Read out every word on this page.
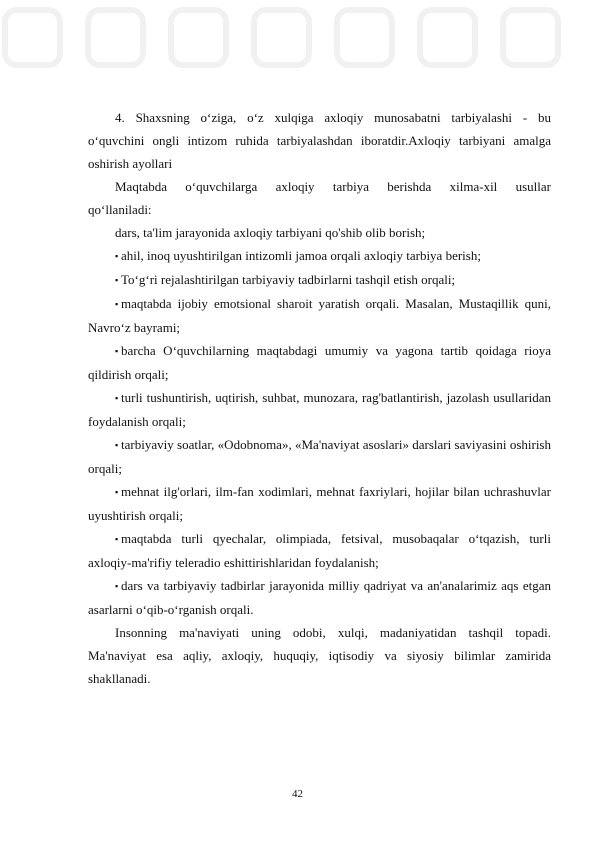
4. Shaxsning o‘ziga, o‘z xulqiga axloqiy munosabatni tarbiyalashi - bu

o‘quvchini ongli intizom ruhida tarbiyalashdan iboratdir.Axloqiy tarbiyani amalga oshirish ayollari

Maqtabda o‘quvchilarga axloqiy tarbiya berishda xilma-xil usullar

qo‘llaniladi:

dars, ta'lim jarayonida axloqiy tarbiyani qo'shib olib borish;

▪ ahil, inoq uyushtirilgan intizomli jamoa orqali axloqiy tarbiya berish;

▪ To‘g‘ri rejalashtirilgan tarbiyaviy tadbirlarni tashqil etish orqali;

▪ maqtabda ijobiy emotsional sharoit yaratish orqali. Masalan, Mustaqillik quni, Navro‘z bayrami;

▪ barcha O‘quvchilarning maqtabdagi umumiy va yagona tartib qoidaga rioya qildirish orqali;

▪ turli tushuntirish, uqtirish, suhbat, munozara, rag'batlantirish, jazolash usullaridan foydalanish orqali;

▪ tarbiyaviy soatlar, «Odobnoma», «Ma'naviyat asoslari» darslari saviyasini oshirish orqali;

▪ mehnat ilg'orlari, ilm-fan xodimlari, mehnat faxriylari, hojilar bilan uchrashuvlar uyushtirish orqali;

▪ maqtabda turli qyechalar, olimpiada, fetsival, musobaqalar o‘tqazish, turli axloqiy-ma'rifiy teleradio eshittirishlaridan foydalanish;

▪ dars va tarbiyaviy tadbirlar jarayonida milliy qadriyat va an'analarimiz aqs etgan asarlarni o‘qib-o‘rganish orqali.

Insonning ma'naviyati uning odobi, xulqi, madaniyatidan tashqil topadi.

Ma'naviyat esa aqliy, axloqiy, huquqiy, iqtisodiy va siyosiy bilimlar zamirida

shakllanadi.

42
